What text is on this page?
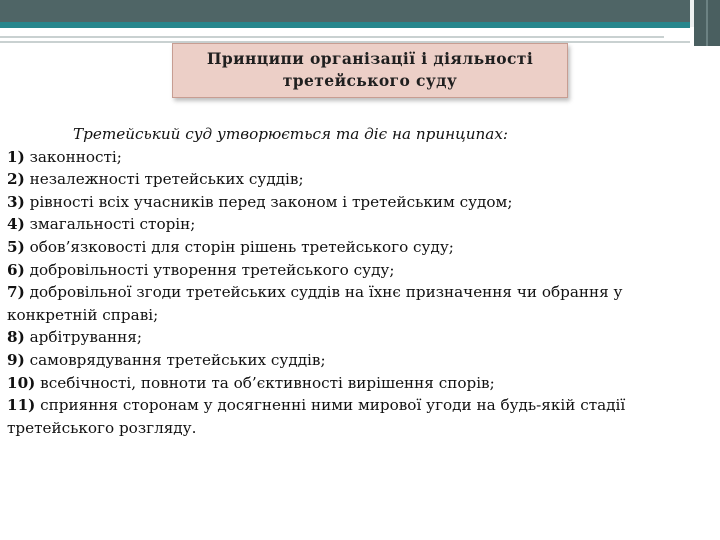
Принципи організації і діяльності
третейського суду
Третейський суд утворюється та діє на принципах:

1) законності;

2) незалежності третейських суддів;

3) рівності всіх учасників перед законом і третейським судом;

4) змагальності сторін;

5) обов’язковості для сторін рішень третейського суду;

6) добровільності утворення третейського суду;

7) добровільної згоди третейських суддів на їхнє призначення чи обрання у конкретній справі;

8) арбітрування;

9) самоврядування третейських суддів;

10) всебічності, повноти та об’єктивності вирішення спорів;

11) сприяння сторонам у досягненні ними мирової угоди на будь-якій стадії третейського розгляду.
